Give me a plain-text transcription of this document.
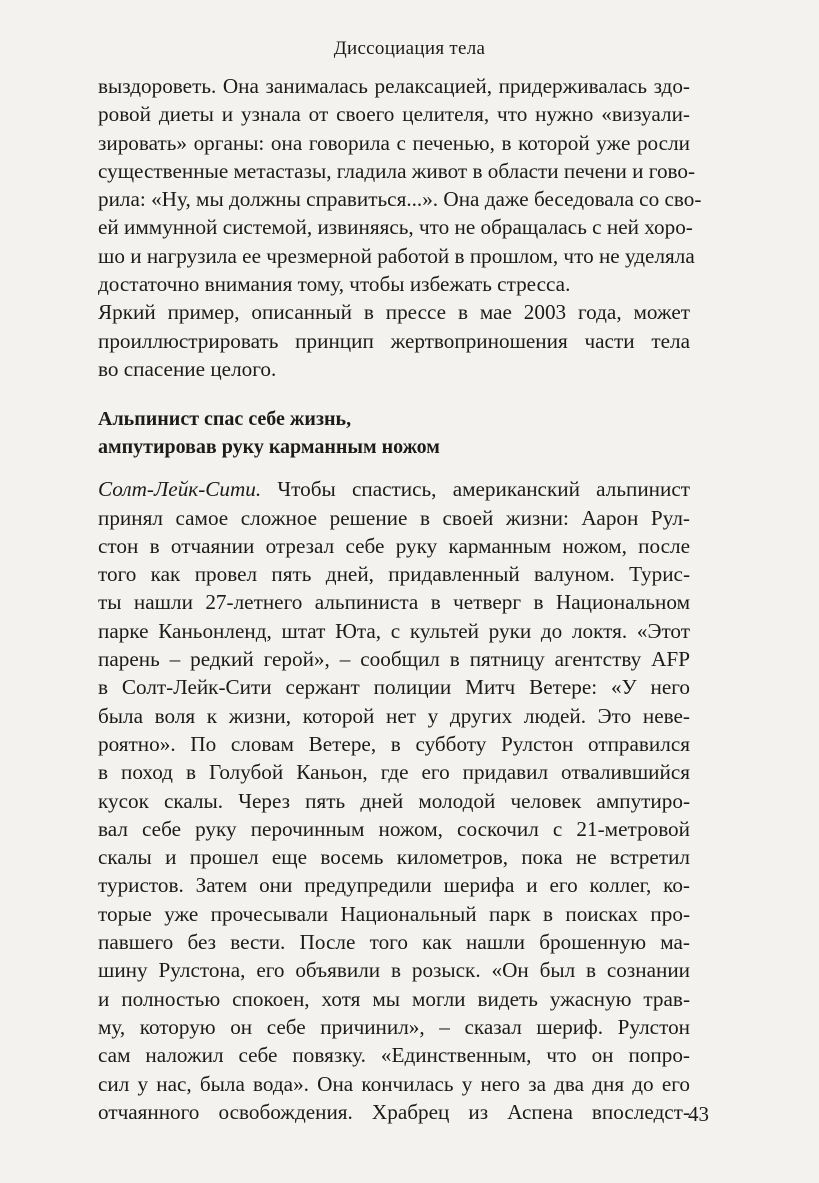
Диссоциация тела
выздороветь. Она занималась релаксацией, придерживалась здо-
ровой диеты и узнала от своего целителя, что нужно «визуали-
зировать» органы: она говорила с печенью, в которой уже росли
существенные метастазы, гладила живот в области печени и гово-
рила: «Ну, мы должны справиться...». Она даже беседовала со сво-
ей иммунной системой, извиняясь, что не обращалась с ней хоро-
шо и нагрузила ее чрезмерной работой в прошлом, что не уделяла
достаточно внимания тому, чтобы избежать стресса.
Яркий пример, описанный в прессе в мае 2003 года, может
проиллюстрировать принцип жертвоприношения части тела
во спасение целого.
Альпинист спас себе жизнь,
ампутировав руку карманным ножом
Солт-Лейк-Сити. Чтобы спастись, американский альпинист
принял самое сложное решение в своей жизни: Аарон Рул-
стон в отчаянии отрезал себе руку карманным ножом, после
того как провел пять дней, придавленный валуном. Турис-
ты нашли 27-летнего альпиниста в четверг в Национальном
парке Каньонленд, штат Юта, с культей руки до локтя. «Этот
парень – редкий герой», – сообщил в пятницу агентству AFP
в Солт-Лейк-Сити сержант полиции Митч Ветере: «У него
была воля к жизни, которой нет у других людей. Это неве-
роятно». По словам Ветере, в субботу Рулстон отправился
в поход в Голубой Каньон, где его придавил отвалившийся
кусок скалы. Через пять дней молодой человек ампутиро-
вал себе руку перочинным ножом, соскочил с 21-метровой
скалы и прошел еще восемь километров, пока не встретил
туристов. Затем они предупредили шерифа и его коллег, ко-
торые уже прочесывали Национальный парк в поисках про-
павшего без вести. После того как нашли брошенную ма-
шину Рулстона, его объявили в розыск. «Он был в сознании
и полностью спокоен, хотя мы могли видеть ужасную трав-
му, которую он себе причинил», – сказал шериф. Рулстон
сам наложил себе повязку. «Единственным, что он попро-
сил у нас, была вода». Она кончилась у него за два дня до его
отчаянного освобождения. Храбрец из Аспена впоследст-
43
